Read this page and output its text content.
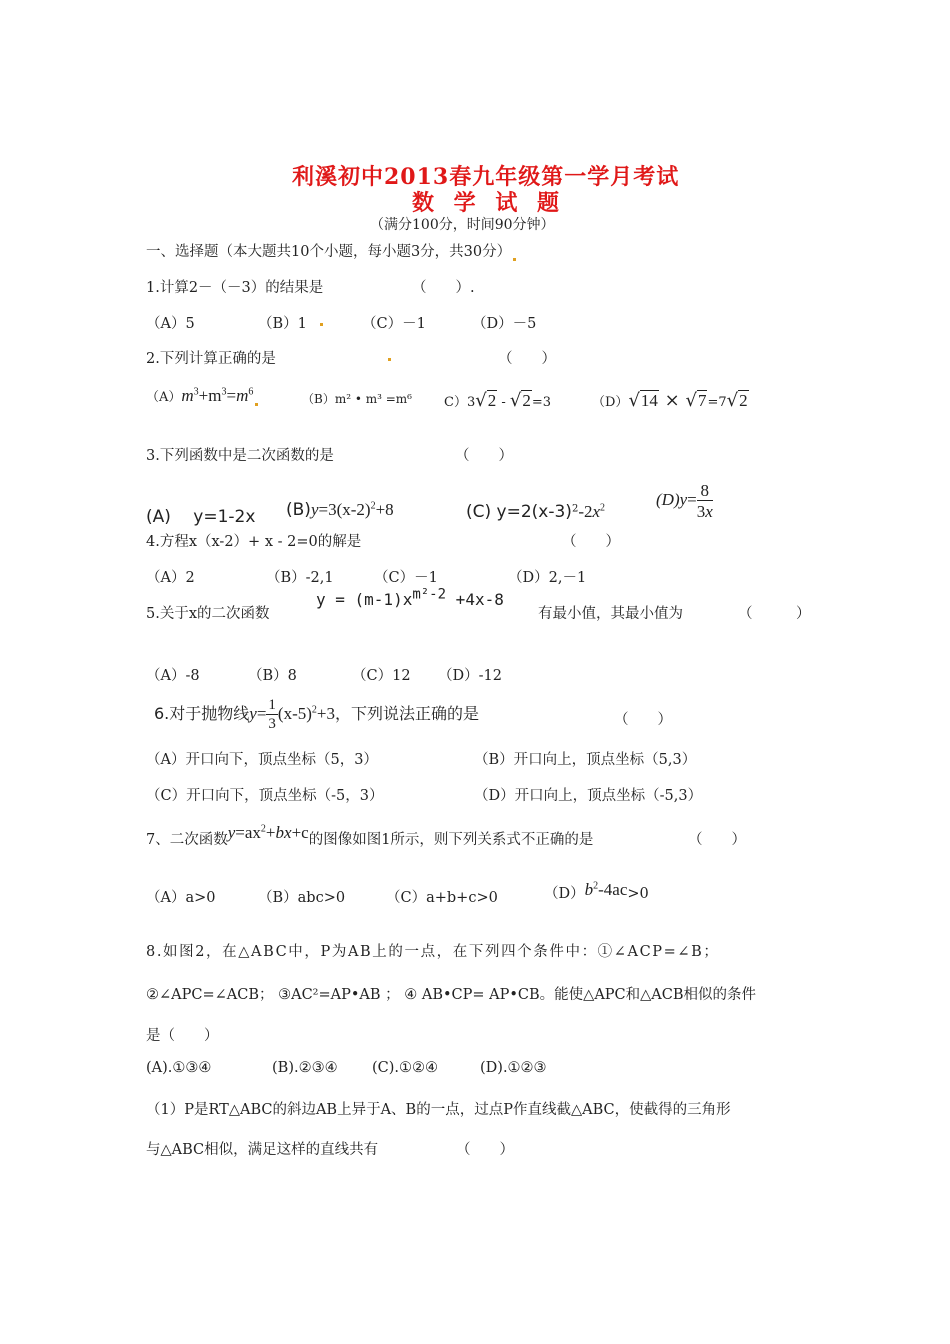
利溪初中2013春九年级第一学月考试
数 学 试 题
（满分100分，时间90分钟）
一、选择题（本大题共10个小题，每小题3分，共30分）
1.计算2－（－3）的结果是	（　　）.
（A）5	（B）1	（C）－1	（D）－5
2.下列计算正确的是	（　　）
$(A)m^3+m^3=m^6$
（B）m² • m³ =m⁶ C）3√2 - √2=3	（D）√14 × √7=7√2
3.下列函数中是二次函数的是	（　　）
(A)　 y=1-2x $(B)y=3(x-2)^2+8$	(C) $y=2(x-3)^2-2x^2$	$(D)y= \frac{8}{3x}$
4.方程x（x-2）+ x - 2=0的解是	（　　）
（A）2	（B）-2,1	（C）－1	（D）2,－1
5.关于x的二次函数
$y = (m-1)x^{m^2-2} +4x-8$
有最小值，其最小值为	（　　　）
（A）-8	（B）8	（C）12 （D）-12
6.对于抛物线$y= \frac{1}{3} (x-5)^2+3$，下列说法正确的是	（　　）
（A）开口向下，顶点坐标（5，3）	（B）开口向上，顶点坐标（5,3）
（C）开口向下，顶点坐标（-5，3）	（D）开口向上，顶点坐标（-5,3）
7、二次函数$y=ax^2+bx+c$的图像如图1所示，则下列关系式不正确的是	（　　）
（A）a>0	（B）abc>0	（C）a+b+c>0	$(D)b^2-4ac>0$
8.如图2，在△ABC中，P为AB上的一点，在下列四个条件中：①∠ACP=∠B；
②∠APC=∠ACB； ③AC²=AP•AB ； ④ AB•CP= AP•CB。能使△APC和△ACB相似的条件
是（　　）
(A).①③④	(B).②③④ (C).①②④	(D).①②③
（1）P是RT△ABC的斜边AB上异于A、B的一点，过点P作直线截△ABC，使截得的三角形
与△ABC相似，满足这样的直线共有	（　　）
